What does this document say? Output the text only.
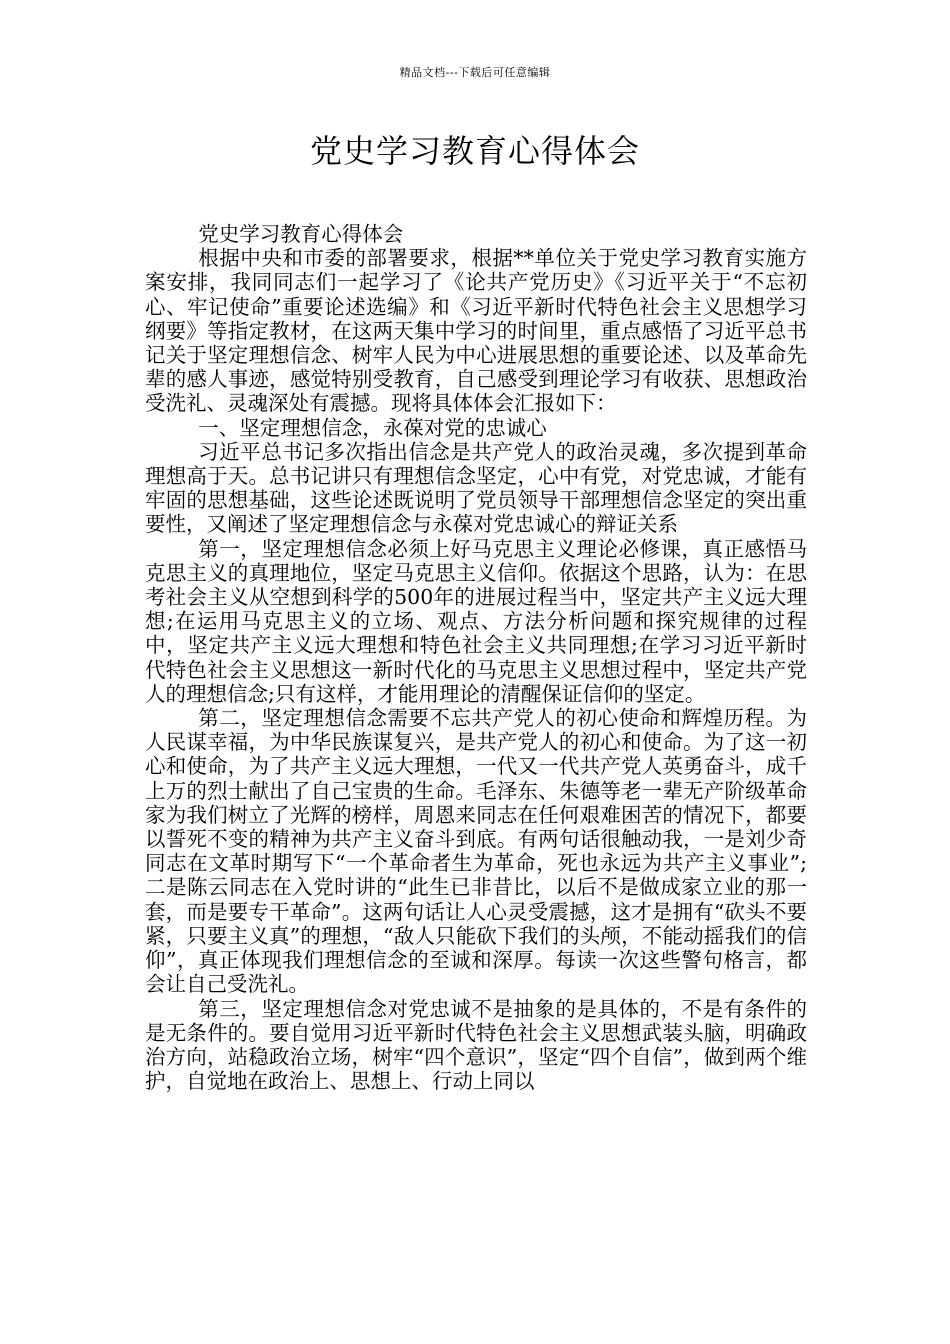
精品文档---下载后可任意编辑
党史学习教育心得体会

党史学习教育心得体会

根据中央和市委的部署要求，根据**单位关于党史学习教育实施方案安排，我同同志们一起学习了《论共产党历史》《习近平关于“不忘初心、牢记使命”重要论述选编》和《习近平新时代特色社会主义思想学习纲要》等指定教材，在这两天集中学习的时间里，重点感悟了习近平总书记关于坚定理想信念、树牢人民为中心进展思想的重要论述、以及革命先辈的感人事迹，感觉特别受教育，自己感受到理论学习有收获、思想政治受洗礼、灵魂深处有震撼。现将具体体会汇报如下：

一、坚定理想信念，永葆对党的忠诚心

习近平总书记多次指出信念是共产党人的政治灵魂，多次提到革命理想高于天。总书记讲只有理想信念坚定，心中有党，对党忠诚，才能有牢固的思想基础，这些论述既说明了党员领导干部理想信念坚定的突出重要性，又阐述了坚定理想信念与永葆对党忠诚心的辩证关系

第一，坚定理想信念必须上好马克思主义理论必修课，真正感悟马克思主义的真理地位，坚定马克思主义信仰。依据这个思路，认为：在思考社会主义从空想到科学的500年的进展过程当中，坚定共产主义远大理想;在运用马克思主义的立场、观点、方法分析问题和探究规律的过程中，坚定共产主义远大理想和特色社会主义共同理想;在学习习近平新时代特色社会主义思想这一新时代化的马克思主义思想过程中，坚定共产党人的理想信念;只有这样，才能用理论的清醒保证信仰的坚定。

第二，坚定理想信念需要不忘共产党人的初心使命和辉煌历程。为人民谋幸福，为中华民族谋复兴，是共产党人的初心和使命。为了这一初心和使命，为了共产主义远大理想，一代又一代共产党人英勇奋斗，成千上万的烈士献出了自己宝贵的生命。毛泽东、朱德等老一辈无产阶级革命家为我们树立了光辉的榜样，周恩来同志在任何艰难困苦的情况下，都要以誓死不变的精神为共产主义奋斗到底。有两句话很触动我，一是刘少奇同志在文革时期写下“一个革命者生为革命，死也永远为共产主义事业”;二是陈云同志在入党时讲的“此生已非昔比，以后不是做成家立业的那一套，而是要专干革命”。这两句话让人心灵受震撼，这才是拥有“砍头不要紧，只要主义真”的理想，“敌人只能砍下我们的头颅，不能动摇我们的信仰”，真正体现我们理想信念的至诚和深厚。每读一次这些警句格言，都会让自己受洗礼。

第三，坚定理想信念对党忠诚不是抽象的是具体的，不是有条件的是无条件的。要自觉用习近平新时代特色社会主义思想武装头脑，明确政治方向，站稳政治立场，树牢“四个意识”，坚定“四个自信”，做到两个维护，自觉地在政治上、思想上、行动上同以
